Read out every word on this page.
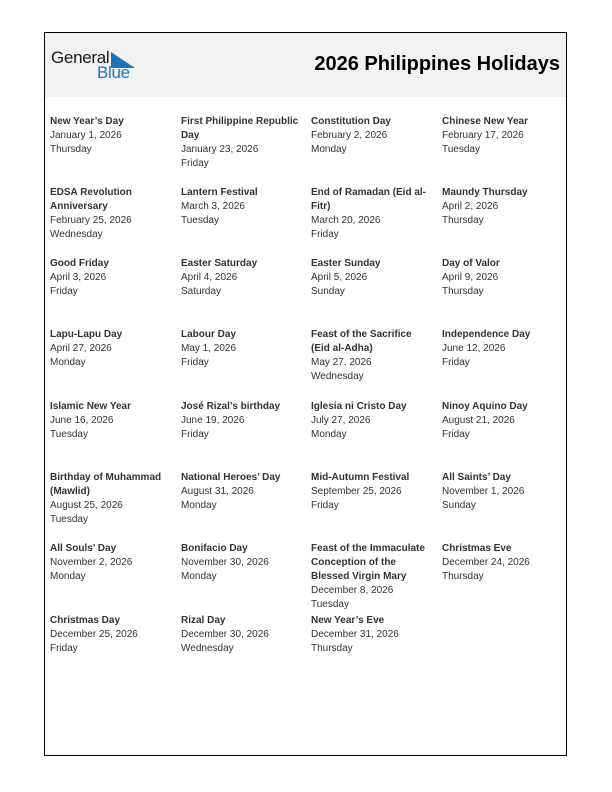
General
Blue	2026 Philippines Holidays
New Year’s Day
January 1, 2026
Thursday
First Philippine Republic Day
January 23, 2026
Friday
Constitution Day
February 2, 2026
Monday
Chinese New Year
February 17, 2026
Tuesday
EDSA Revolution Anniversary
February 25, 2026
Wednesday
Lantern Festival
March 3, 2026
Tuesday
End of Ramadan (Eid al-Fitr)
March 20, 2026
Friday
Maundy Thursday
April 2, 2026
Thursday
Good Friday
April 3, 2026
Friday
Easter Saturday
April 4, 2026
Saturday
Easter Sunday
April 5, 2026
Sunday
Day of Valor
April 9, 2026
Thursday
Lapu-Lapu Day
April 27, 2026
Monday
Labour Day
May 1, 2026
Friday
Feast of the Sacrifice (Eid al-Adha)
May 27, 2026
Wednesday
Independence Day
June 12, 2026
Friday
Islamic New Year
June 16, 2026
Tuesday
José Rizal’s birthday
June 19, 2026
Friday
Iglesia ni Cristo Day
July 27, 2026
Monday
Ninoy Aquino Day
August 21, 2026
Friday
Birthday of Muhammad (Mawlid)
August 25, 2026
Tuesday
National Heroes’ Day
August 31, 2026
Monday
Mid-Autumn Festival
September 25, 2026
Friday
All Saints’ Day
November 1, 2026
Sunday
All Souls’ Day
November 2, 2026
Monday
Bonifacio Day
November 30, 2026
Monday
Feast of the Immaculate Conception of the Blessed Virgin Mary
December 8, 2026
Tuesday
Christmas Eve
December 24, 2026
Thursday
Christmas Day
December 25, 2026
Friday
Rizal Day
December 30, 2026
Wednesday
New Year’s Eve
December 31, 2026
Thursday
